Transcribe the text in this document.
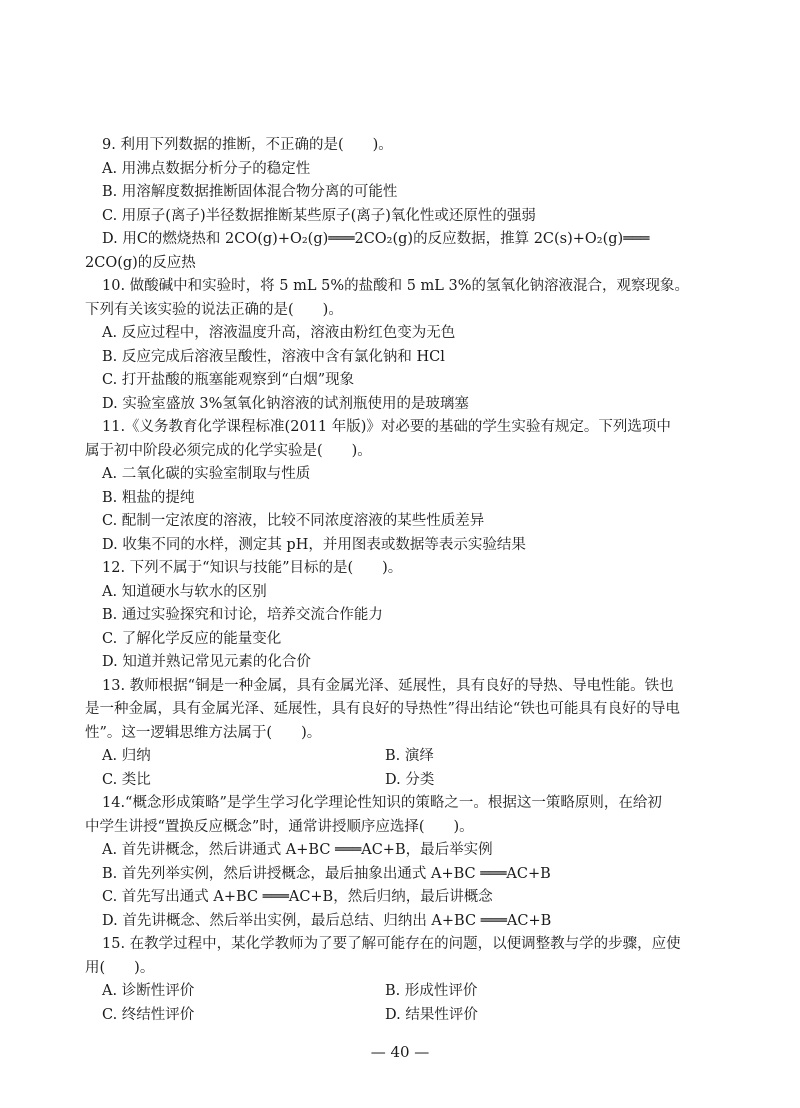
9. 利用下列数据的推断，不正确的是(　　)。

A. 用沸点数据分析分子的稳定性

B. 用溶解度数据推断固体混合物分离的可能性

C. 用原子(离子)半径数据推断某些原子(离子)氧化性或还原性的强弱

D. 用C的燃烧热和 2CO(g)+O₂(g)═══2CO₂(g)的反应数据，推算 2C(s)+O₂(g)═══

2CO(g)的反应热

10. 做酸碱中和实验时，将 5 mL 5%的盐酸和 5 mL 3%的氢氧化钠溶液混合，观察现象。

下列有关该实验的说法正确的是(　　)。

A. 反应过程中，溶液温度升高，溶液由粉红色变为无色

B. 反应完成后溶液呈酸性，溶液中含有氯化钠和 HCl

C. 打开盐酸的瓶塞能观察到“白烟”现象

D. 实验室盛放 3%氢氧化钠溶液的试剂瓶使用的是玻璃塞

11.《义务教育化学课程标准(2011 年版)》对必要的基础的学生实验有规定。下列选项中

属于初中阶段必须完成的化学实验是(　　)。

A. 二氧化碳的实验室制取与性质

B. 粗盐的提纯

C. 配制一定浓度的溶液，比较不同浓度溶液的某些性质差异

D. 收集不同的水样，测定其 pH，并用图表或数据等表示实验结果

12. 下列不属于“知识与技能”目标的是(　　)。

A. 知道硬水与软水的区别

B. 通过实验探究和讨论，培养交流合作能力

C. 了解化学反应的能量变化

D. 知道并熟记常见元素的化合价

13. 教师根据“铜是一种金属，具有金属光泽、延展性，具有良好的导热、导电性能。铁也

是一种金属，具有金属光泽、延展性，具有良好的导热性”得出结论“铁也可能具有良好的导电

性”。这一逻辑思维方法属于(　　)。

A. 归纳	B. 演绎

C. 类比	D. 分类

14.“概念形成策略”是学生学习化学理论性知识的策略之一。根据这一策略原则，在给初

中学生讲授“置换反应概念”时，通常讲授顺序应选择(　　)。

A. 首先讲概念，然后讲通式 A+BC ═══AC+B，最后举实例

B. 首先列举实例，然后讲授概念，最后抽象出通式 A+BC ═══AC+B

C. 首先写出通式 A+BC ═══AC+B，然后归纳，最后讲概念

D. 首先讲概念、然后举出实例，最后总结、归纳出 A+BC ═══AC+B

15. 在教学过程中，某化学教师为了要了解可能存在的问题，以便调整教与学的步骤，应使

用(　　)。

A. 诊断性评价	B. 形成性评价

C. 终结性评价	D. 结果性评价

— 40 —
